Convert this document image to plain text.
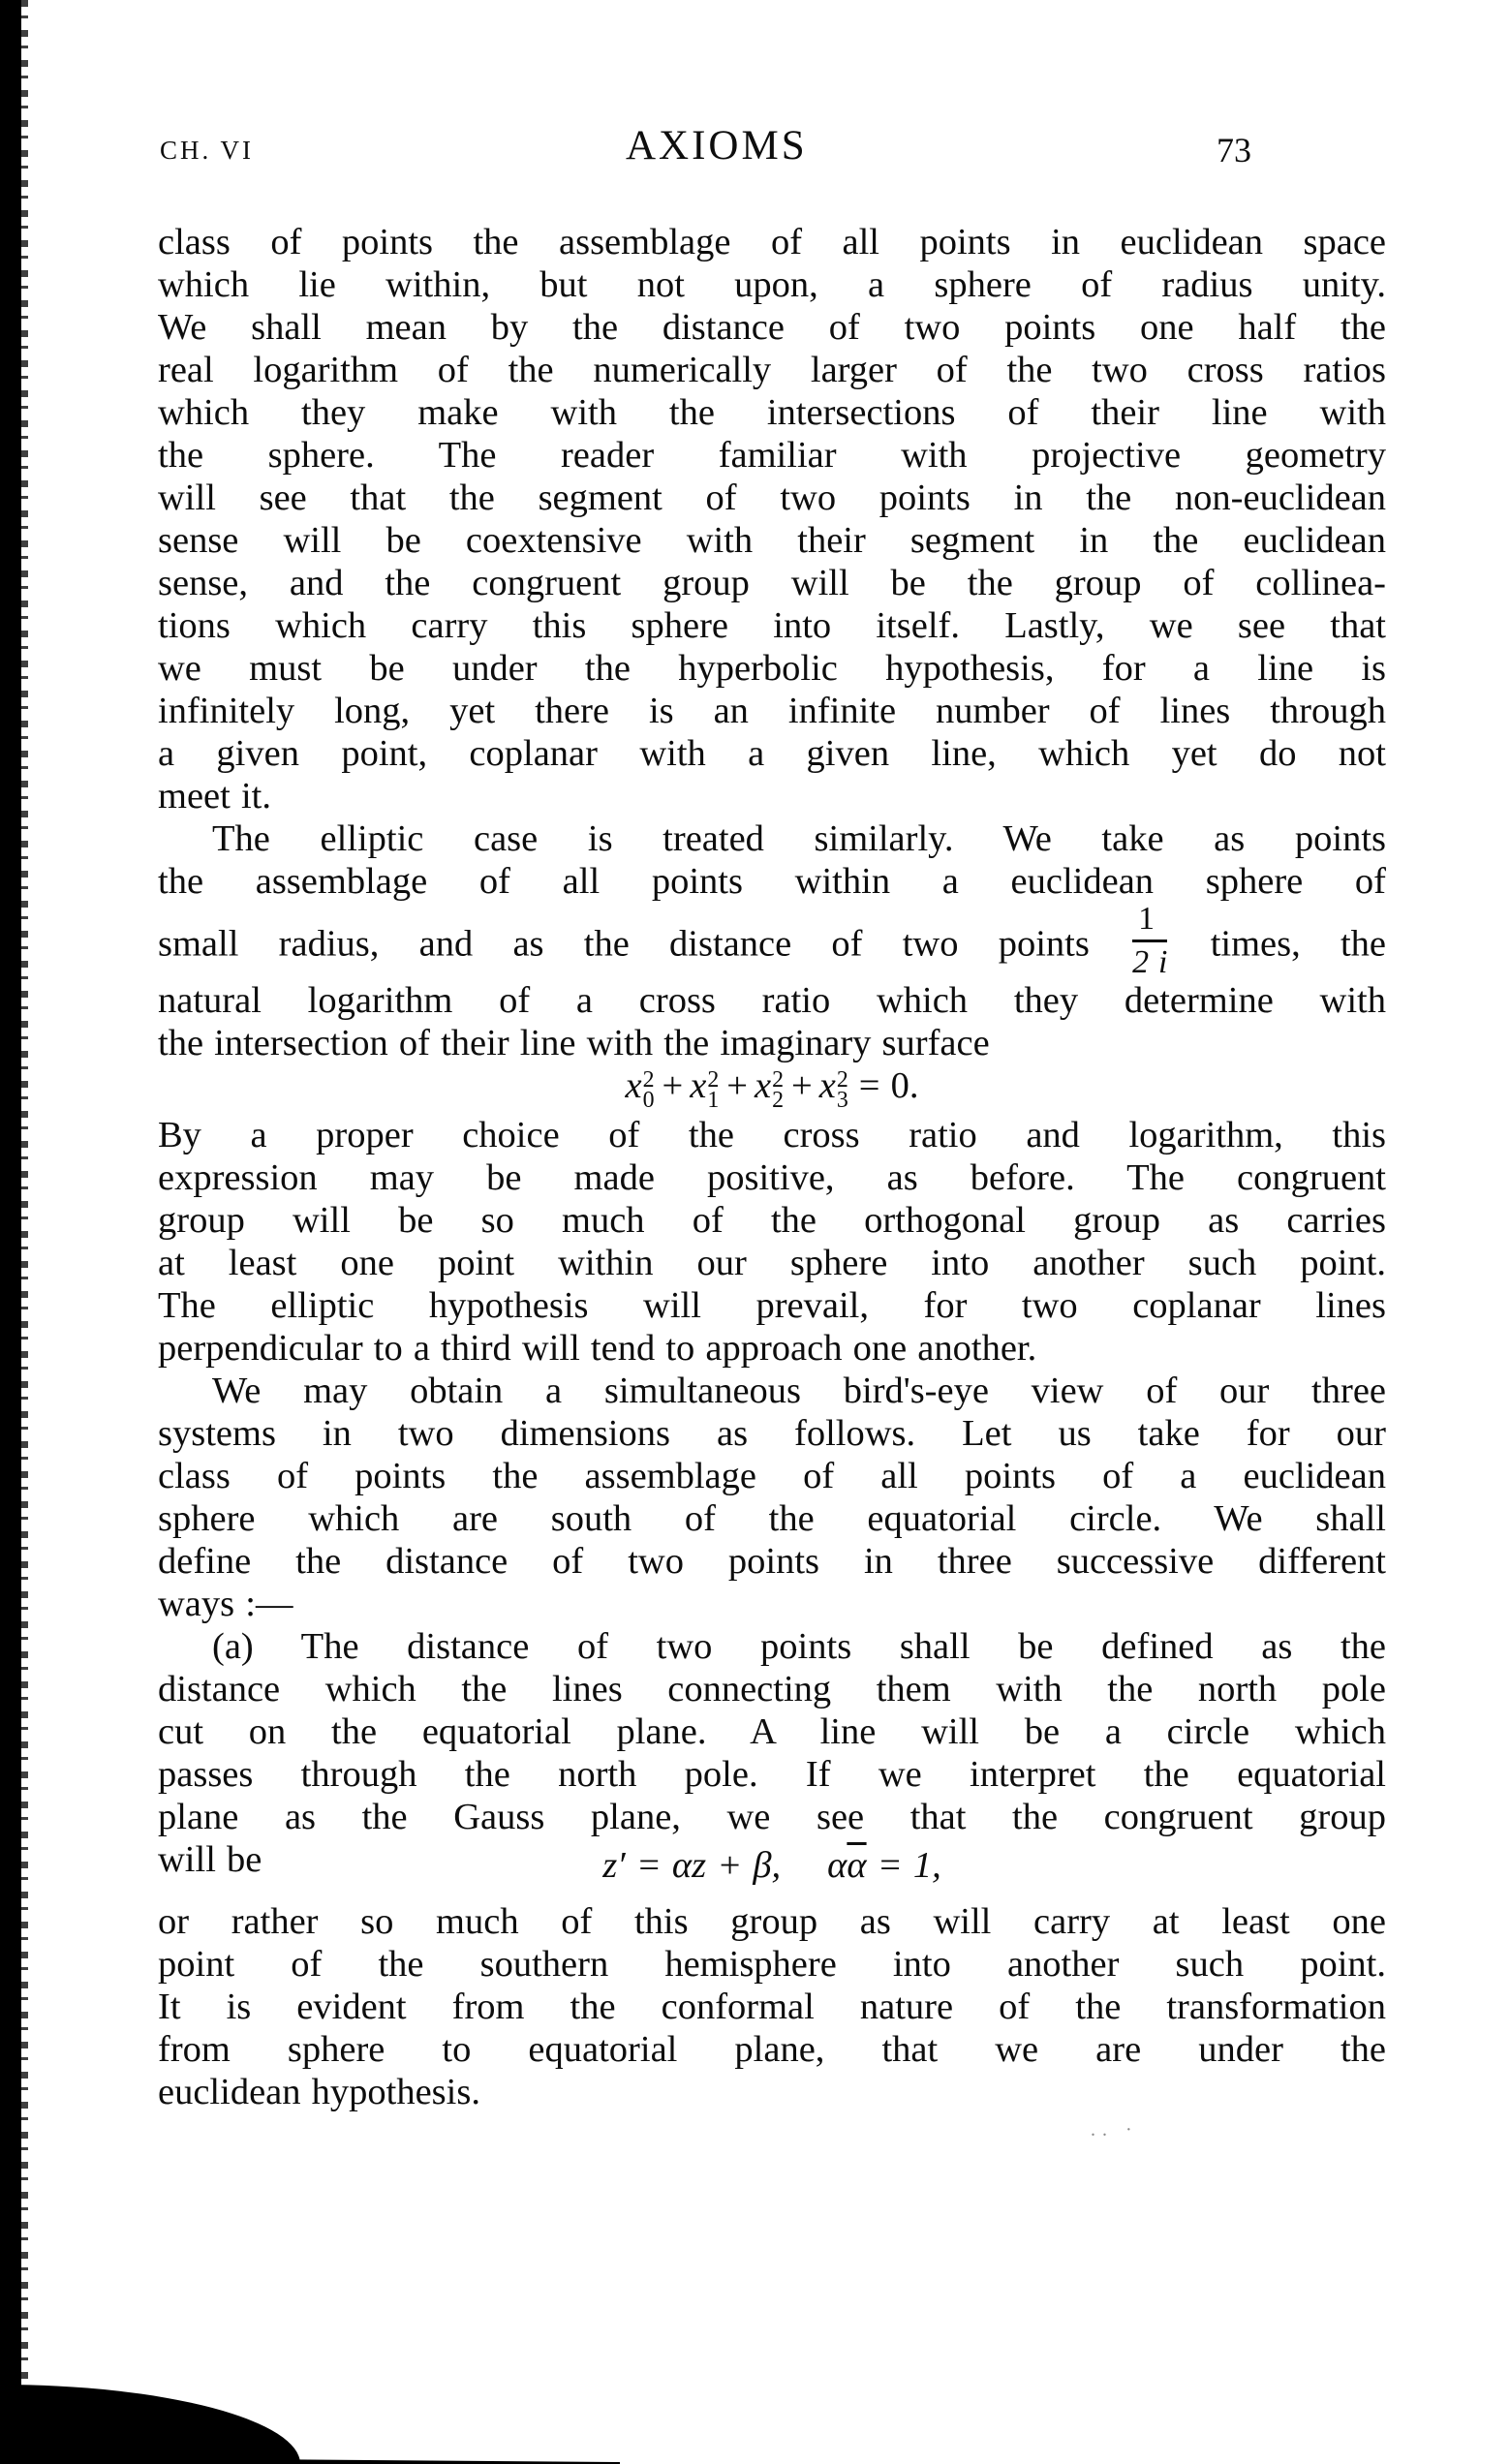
.. ·
CH. VI	AXIOMS	73
class of points the assemblage of all points in euclidean space
which lie within, but not upon, a sphere of radius unity.
We shall mean by the distance of two points one half the
real logarithm of the numerically larger of the two cross ratios
which they make with the intersections of their line with
the sphere. The reader familiar with projective geometry
will see that the segment of two points in the non-euclidean
sense will be coextensive with their segment in the euclidean
sense, and the congruent group will be the group of collinea-
tions which carry this sphere into itself. Lastly, we see that
we must be under the hyperbolic hypothesis, for a line is
infinitely long, yet there is an infinite number of lines through
a given point, coplanar with a given line, which yet do not
meet it.
The elliptic case is treated similarly. We take as points
the assemblage of all points within a euclidean sphere of
small radius, and as the distance of two points $\frac{1}{2 i}$ times, the
natural logarithm of a cross ratio which they determine with
the intersection of their line with the imaginary surface
x 2
0 + x 2
1 + x 2
2 + x 2
3 = 0.
By a proper choice of the cross ratio and logarithm, this
expression may be made positive, as before. The congruent
group will be so much of the orthogonal group as carries
at least one point within our sphere into another such point.
The elliptic hypothesis will prevail, for two coplanar lines
perpendicular to a third will tend to approach one another.
We may obtain a simultaneous bird's-eye view of our three
systems in two dimensions as follows. Let us take for our
class of points the assemblage of all points of a euclidean
sphere which are south of the equatorial circle. We shall
define the distance of two points in three successive different
ways :—
(a) The distance of two points shall be defined as the
distance which the lines connecting them with the north pole
cut on the equatorial plane. A line will be a circle which
passes through the north pole. If we interpret the equatorial
plane as the Gauss plane, we see that the congruent group
will be	z′ = αz + β, $\alpha\overline{\alpha} = 1$,
or rather so much of this group as will carry at least one
point of the southern hemisphere into another such point.
It is evident from the conformal nature of the transformation
from sphere to equatorial plane, that we are under the
euclidean hypothesis.
